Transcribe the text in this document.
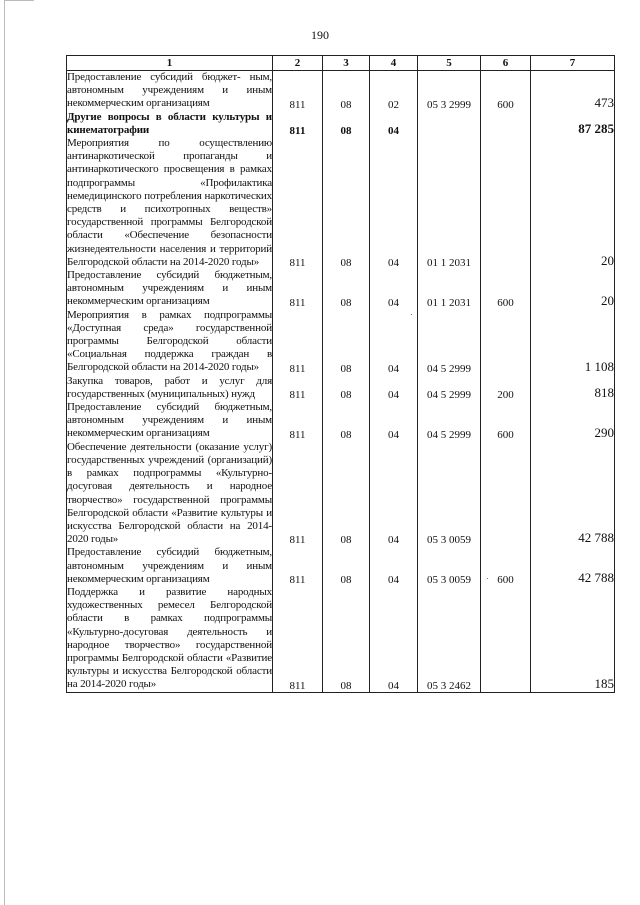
190
1	2	3	4	5	6	7

Предоставление субсидий бюджет- ным, автономным учреждениям и иным некоммерческим организациям	811	08	02	05 3 2999	600	473

Другие вопросы в области культуры и кинематографии	811	08	04			87 285

Мероприятия по осуществлению антинаркотической пропаганды и антинаркотического просвещения в рамках подпрограммы «Профилактика немедицинского потребления наркотических средств и психотропных веществ» государственной программы Белгородской области «Обеспечение безопасности жизнедеятельности населения и территорий Белгородской области на 2014-2020 годы»	811	08	04	01 1 2031		20

Предоставление субсидий бюджетным, автономным учреждениям и иным некоммерческим организациям	811	08	04	01 1 2031	600	20

Мероприятия в рамках подпрограммы «Доступная среда» государственной программы Белгородской области «Социальная поддержка граждан в Белгородской области на 2014-2020 годы»	811	08	04	04 5 2999		1 108

Закупка товаров, работ и услуг для государственных (муниципальных) нужд	811	08	04	04 5 2999	200	818

Предоставление субсидий бюджетным, автономным учреждениям и иным некоммерческим организациям	811	08	04	04 5 2999	600	290

Обеспечение деятельности (оказание услуг) государственных учреждений (организаций) в рамках подпрограммы «Культурно-досуговая деятельность и народное творчество» государственной программы Белгородской области «Развитие культуры и искусства Белгородской области на 2014-2020 годы»	811	08	04	05 3 0059		42 788

Предоставление субсидий бюджетным, автономным учреждениям и иным некоммерческим организациям	811	08	04	05 3 0059	600	42 788

Поддержка и развитие народных художественных ремесел Белгородской области в рамках подпрограммы «Культурно-досуговая деятельность и народное творчество» государственной программы Белгородской области «Развитие культуры и искусства Белгородской области на 2014-2020 годы»	811	08	04	05 3 2462		185
